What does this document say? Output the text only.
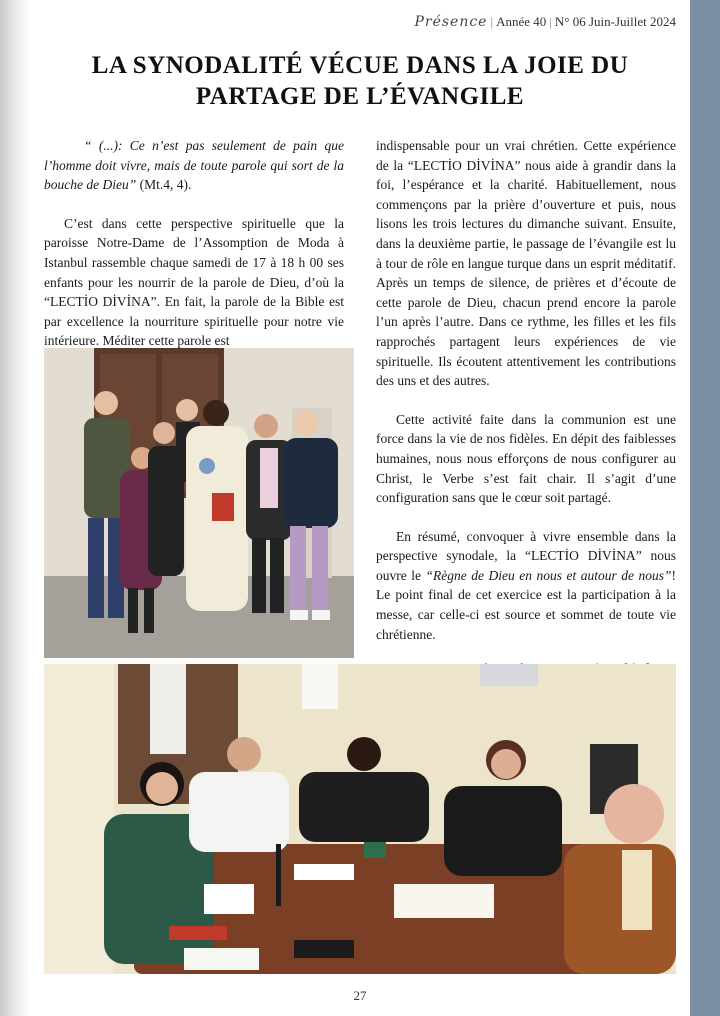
Présence | Année 40 | N° 06 Juin-Juillet 2024
LA SYNODALITÉ VÉCUE DANS LA JOIE DU PARTAGE DE L’ÉVANGILE

“ (...): Ce n’est pas seulement de pain que l’homme doit vivre, mais de toute parole qui sort de la bouche de Dieu” (Mt.4, 4).

C’est dans cette perspective spirituelle que la paroisse Notre-Dame de l’Assomption de Moda à Istanbul rassemble chaque samedi de 17 à 18 h 00 ses enfants pour les nourrir de la parole de Dieu, d’où la “LECTİO DİVİNA”. En fait, la parole de la Bible est par excellence la nourriture spirituelle pour notre vie intérieure. Méditer cette parole est

indispensable pour un vrai chrétien. Cette expérience de la “LECTİO DİVİNA” nous aide à grandir dans la foi, l’espérance et la charité. Habituellement, nous commençons par la prière d’ouverture et puis, nous lisons les trois lectures du dimanche suivant. Ensuite, dans la deuxième partie, le passage de l’évangile est lu à tour de rôle en langue turque dans un esprit méditatif. Après un temps de silence, de prières et d’écoute de cette parole de Dieu, chacun prend encore la parole l’un après l’autre. Dans ce rythme, les filles et les fils rapprochés partagent leurs expériences de vie spirituelle. Ils écoutent attentivement les contributions des uns et des autres.

Cette activité faite dans la communion est une force dans la vie de nos fidèles. En dépit des faiblesses humaines, nous nous efforçons de nous configurer au Christ, le Verbe s’est fait chair. Il s’agit d’une configuration sans que le cœur soit partagé.

En résumé, convoquer à vivre ensemble dans la perspective synodale, la “LECTİO DİVİNA” nous ouvre le “Règne de Dieu en nous et autour de nous”! Le point final de cet exercice est la participation à la messe, car celle-ci est source et sommet de toute vie chrétienne.

27
